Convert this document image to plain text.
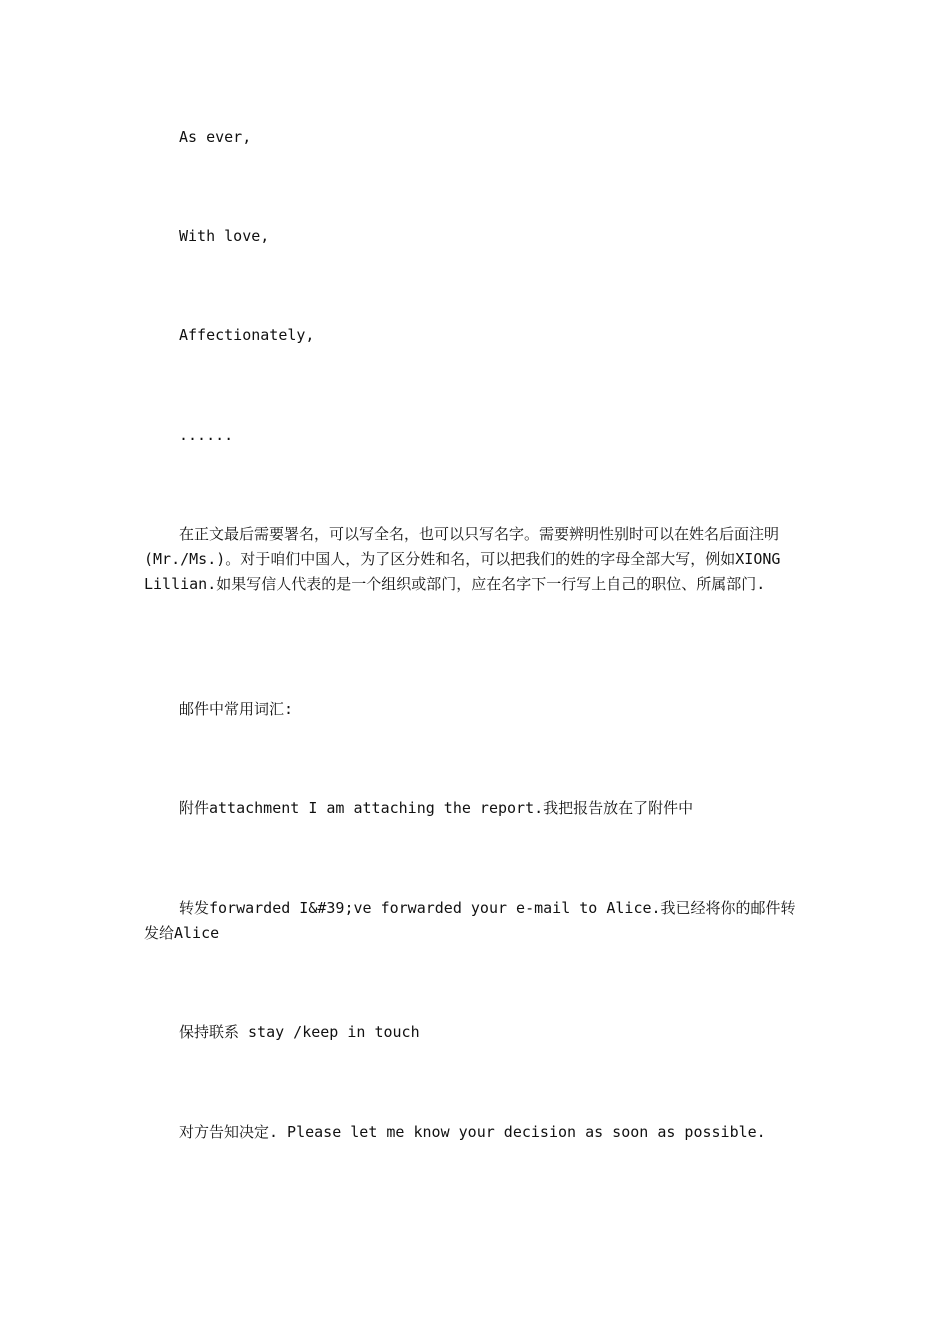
As ever,
With love,
Affectionately,
......
在正文最后需要署名，可以写全名，也可以只写名字。需要辨明性别时可以在姓名后面注明(Mr./Ms.)。对于咱们中国人，为了区分姓和名，可以把我们的姓的字母全部大写，例如XIONG Lillian.如果写信人代表的是一个组织或部门，应在名字下一行写上自己的职位、所属部门.
邮件中常用词汇:
附件attachment I am attaching the report.我把报告放在了附件中
转发forwarded I&#39;ve forwarded your e-mail to Alice.我已经将你的邮件转发给Alice
保持联系 stay /keep in touch
对方告知决定. Please let me know your decision as soon as possible.
